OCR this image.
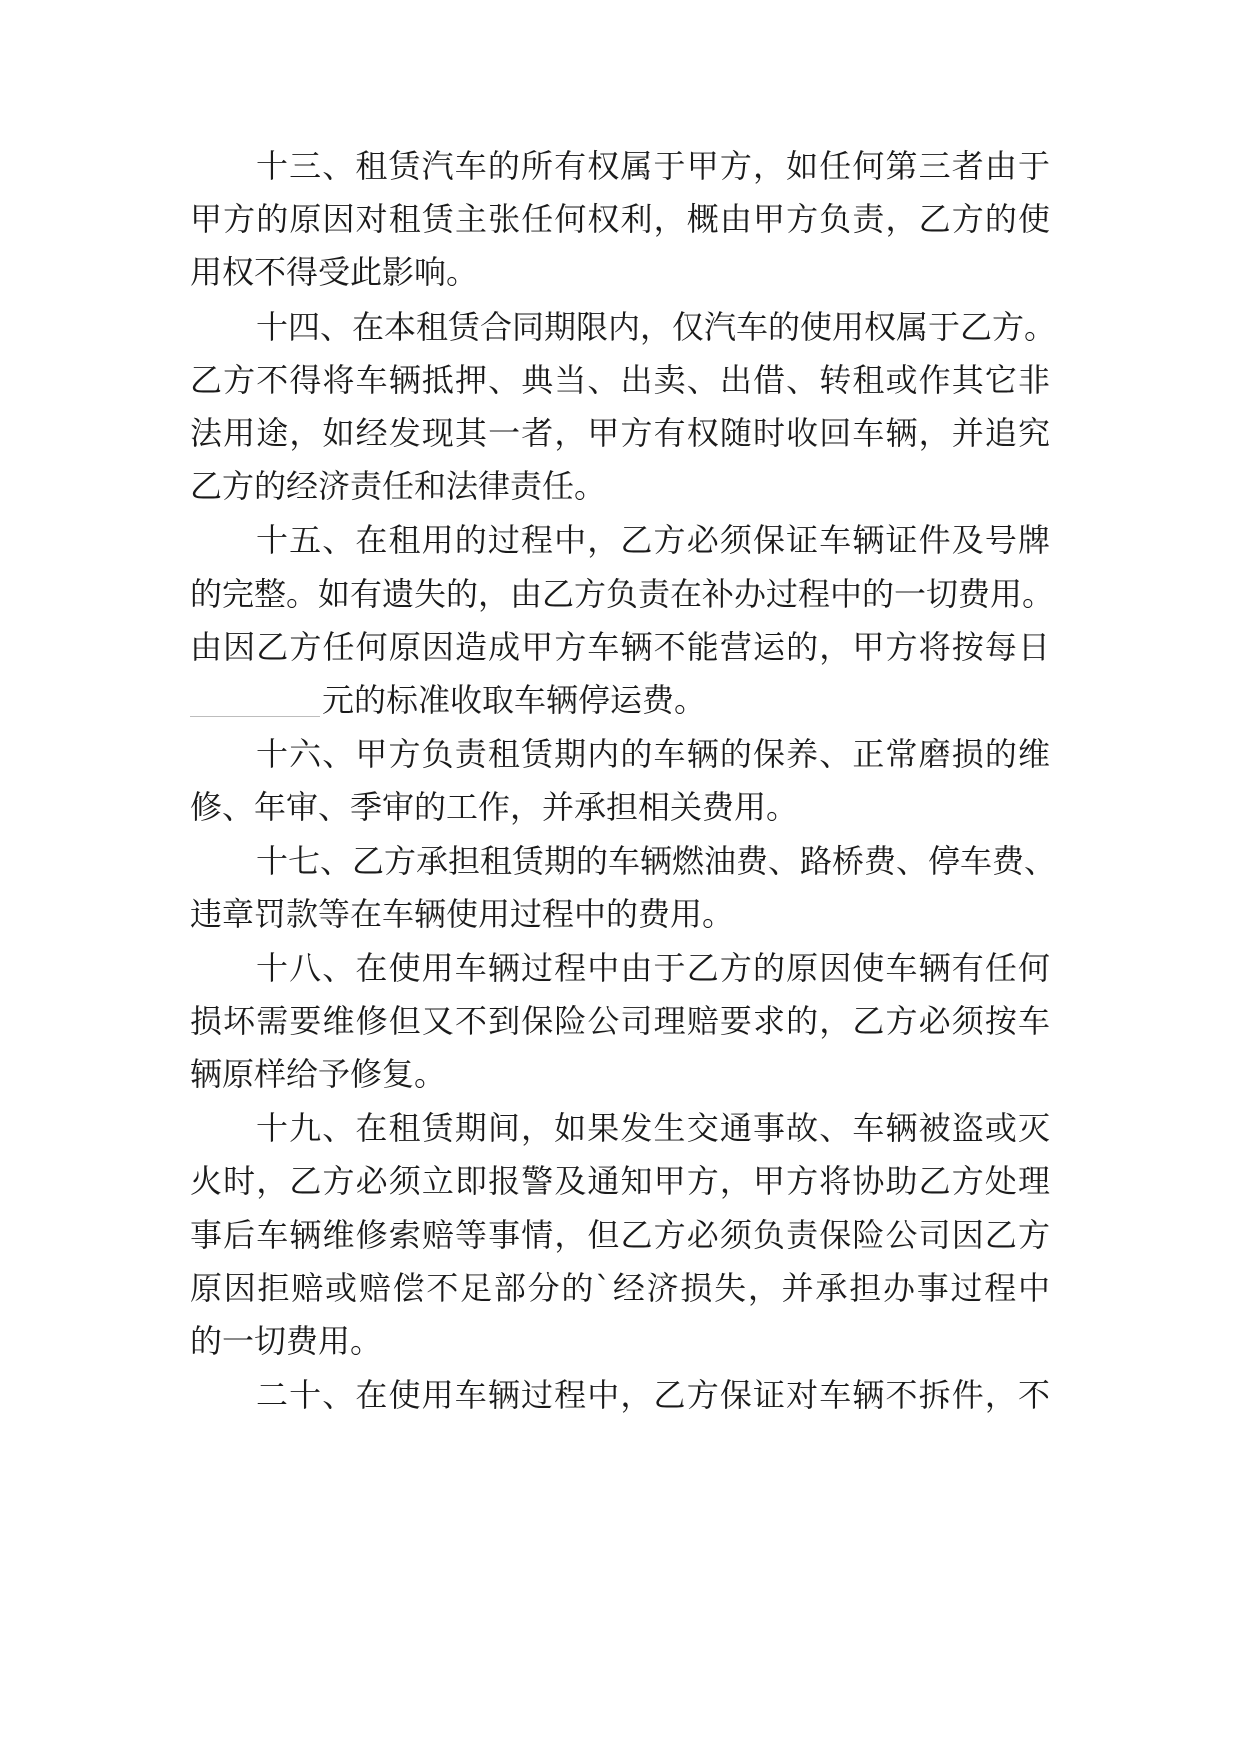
十三、租赁汽车的所有权属于甲方，如任何第三者由于
甲方的原因对租赁主张任何权利，概由甲方负责，乙方的使
用权不得受此影响。
十四、在本租赁合同期限内，仅汽车的使用权属于乙方。
乙方不得将车辆抵押、典当、出卖、出借、转租或作其它非
法用途，如经发现其一者，甲方有权随时收回车辆，并追究
乙方的经济责任和法律责任。
十五、在租用的过程中，乙方必须保证车辆证件及号牌
的完整。如有遗失的，由乙方负责在补办过程中的一切费用。
由因乙方任何原因造成甲方车辆不能营运的，甲方将按每日
元的标准收取车辆停运费。
十六、甲方负责租赁期内的车辆的保养、正常磨损的维
修、年审、季审的工作，并承担相关费用。
十七、乙方承担租赁期的车辆燃油费、路桥费、停车费、
违章罚款等在车辆使用过程中的费用。
十八、在使用车辆过程中由于乙方的原因使车辆有任何
损坏需要维修但又不到保险公司理赔要求的，乙方必须按车
辆原样给予修复。
十九、在租赁期间，如果发生交通事故、车辆被盗或灭
火时，乙方必须立即报警及通知甲方，甲方将协助乙方处理
事后车辆维修索赔等事情，但乙方必须负责保险公司因乙方
原因拒赔或赔偿不足部分的`经济损失，并承担办事过程中
的一切费用。
二十、在使用车辆过程中，乙方保证对车辆不拆件，不
